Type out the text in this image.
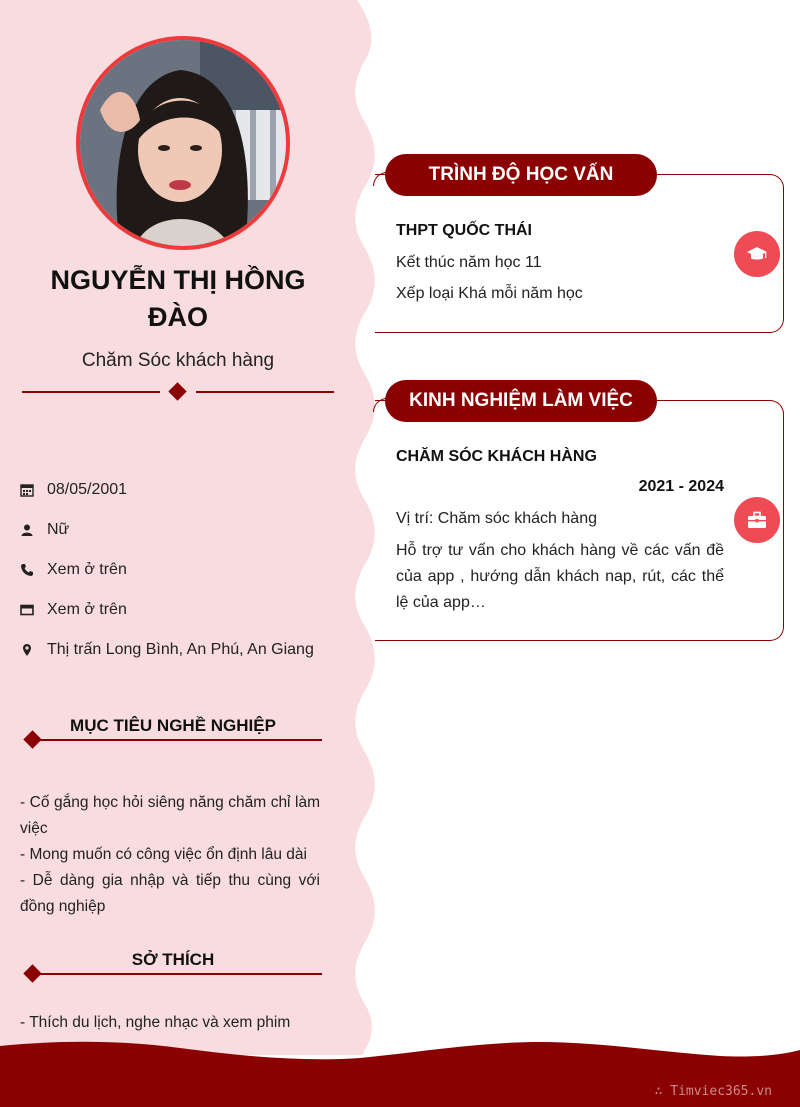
NGUYỄN THỊ HỒNG ĐÀO
Chăm Sóc khách hàng
08/05/2001
Nữ
Xem ở trên
Xem ở trên
Thị trấn Long Bình, An Phú, An Giang
MỤC TIÊU NGHỀ NGHIỆP
- Cố gắng học hỏi siêng năng chăm chỉ làm việc
- Mong muốn có công việc ổn định lâu dài
- Dễ dàng gia nhập và tiếp thu cùng với đồng nghiệp
SỞ THÍCH
- Thích du lịch, nghe nhạc và xem phim
TRÌNH ĐỘ HỌC VẤN
THPT QUỐC THÁI
Kết thúc năm học 11
Xếp loại Khá mỗi năm học
KINH NGHIỆM LÀM VIỆC
CHĂM SÓC KHÁCH HÀNG
2021 - 2024
Vị trí: Chăm sóc khách hàng
Hỗ trợ tư vấn cho khách hàng về các vấn đề của app , hướng dẫn khách nap, rút, các thể lệ của app…
∴ Timviec365.vn
